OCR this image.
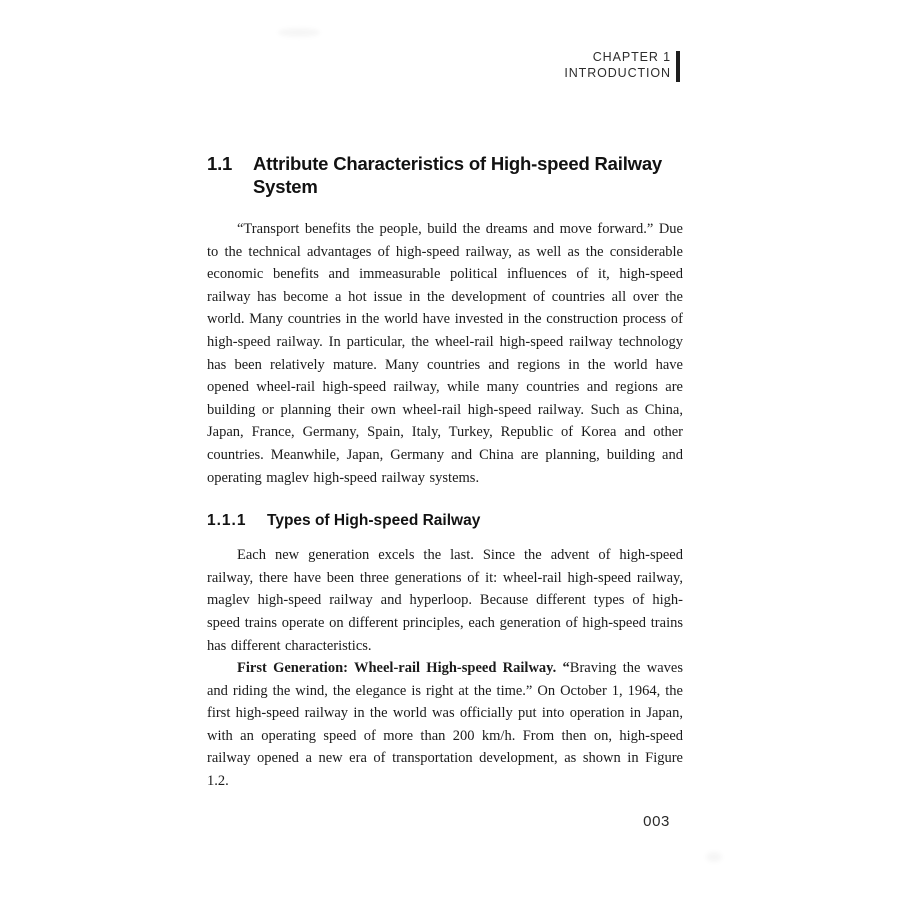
CHAPTER 1
INTRODUCTION
1.1	Attribute Characteristics of High-speed Railway
System

“Transport benefits the people, build the dreams and move forward.” Due to the technical advantages of high-speed railway, as well as the considerable economic benefits and immeasurable political influences of it, high-speed railway has become a hot issue in the development of countries all over the world. Many countries in the world have invested in the construction process of high-speed railway. In particular, the wheel-rail high-speed railway technology has been relatively mature. Many countries and regions in the world have opened wheel-rail high-speed railway, while many countries and regions are building or planning their own wheel-rail high-speed railway. Such as China, Japan, France, Germany, Spain, Italy, Turkey, Republic of Korea and other countries. Meanwhile, Japan, Germany and China are planning, building and operating maglev high-speed railway systems.

1.1.1	Types of High-speed Railway

Each new generation excels the last. Since the advent of high-speed railway, there have been three generations of it: wheel-rail high-speed railway, maglev high-speed railway and hyperloop. Because different types of high-speed trains operate on different principles, each generation of high-speed trains has different characteristics.

First Generation: Wheel-rail High-speed Railway. “Braving the waves and riding the wind, the elegance is right at the time.” On October 1, 1964, the first high-speed railway in the world was officially put into operation in Japan, with an operating speed of more than 200 km/h. From then on, high-speed railway opened a new era of transportation development, as shown in Figure 1.2.

003
